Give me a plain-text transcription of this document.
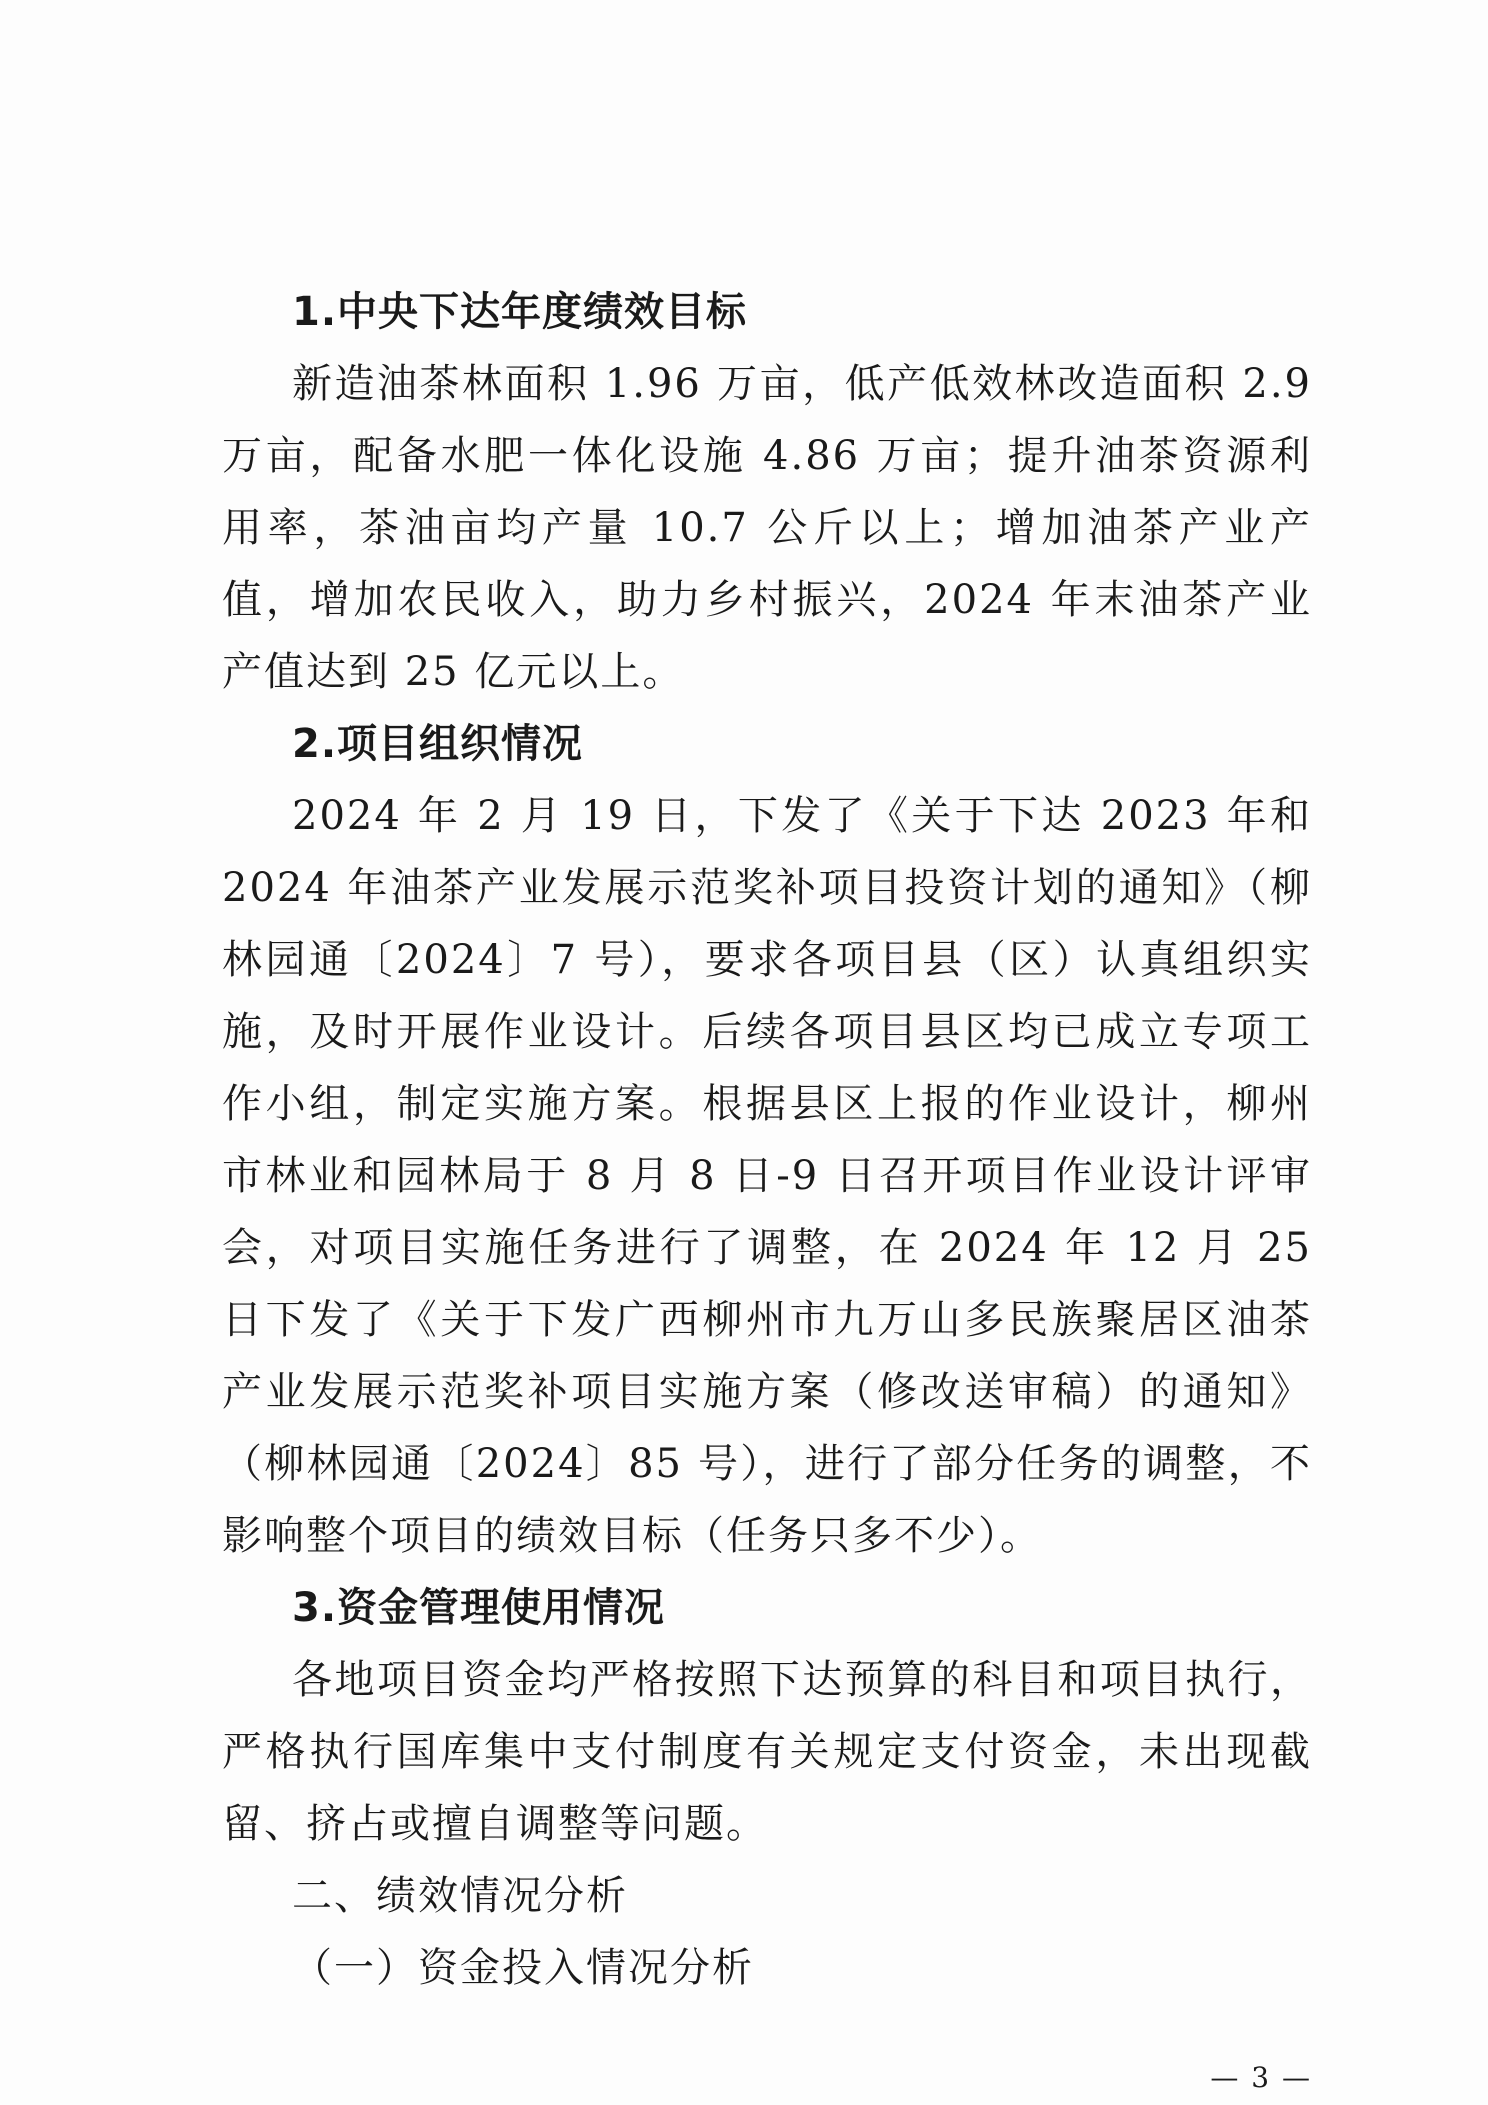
1.中央下达年度绩效目标

新造油茶林面积 1.96 万亩，低产低效林改造面积 2.9 万亩，配备水肥一体化设施 4.86 万亩；提升油茶资源利用率，茶油亩均产量 10.7 公斤以上；增加油茶产业产值，增加农民收入，助力乡村振兴，2024 年末油茶产业产值达到 25 亿元以上。

2.项目组织情况

2024 年 2 月 19 日，下发了《关于下达 2023 年和 2024 年油茶产业发展示范奖补项目投资计划的通知》（柳林园通〔2024〕7 号），要求各项目县（区）认真组织实施，及时开展作业设计。后续各项目县区均已成立专项工作小组，制定实施方案。根据县区上报的作业设计，柳州市林业和园林局于 8 月 8 日-9 日召开项目作业设计评审会，对项目实施任务进行了调整，在 2024 年 12 月 25 日下发了《关于下发广西柳州市九万山多民族聚居区油茶产业发展示范奖补项目实施方案（修改送审稿）的通知》（柳林园通〔2024〕85 号），进行了部分任务的调整，不影响整个项目的绩效目标（任务只多不少）。

3.资金管理使用情况

各地项目资金均严格按照下达预算的科目和项目执行，严格执行国库集中支付制度有关规定支付资金，未出现截留、挤占或擅自调整等问题。

二、绩效情况分析
（一）资金投入情况分析
— 3 —
